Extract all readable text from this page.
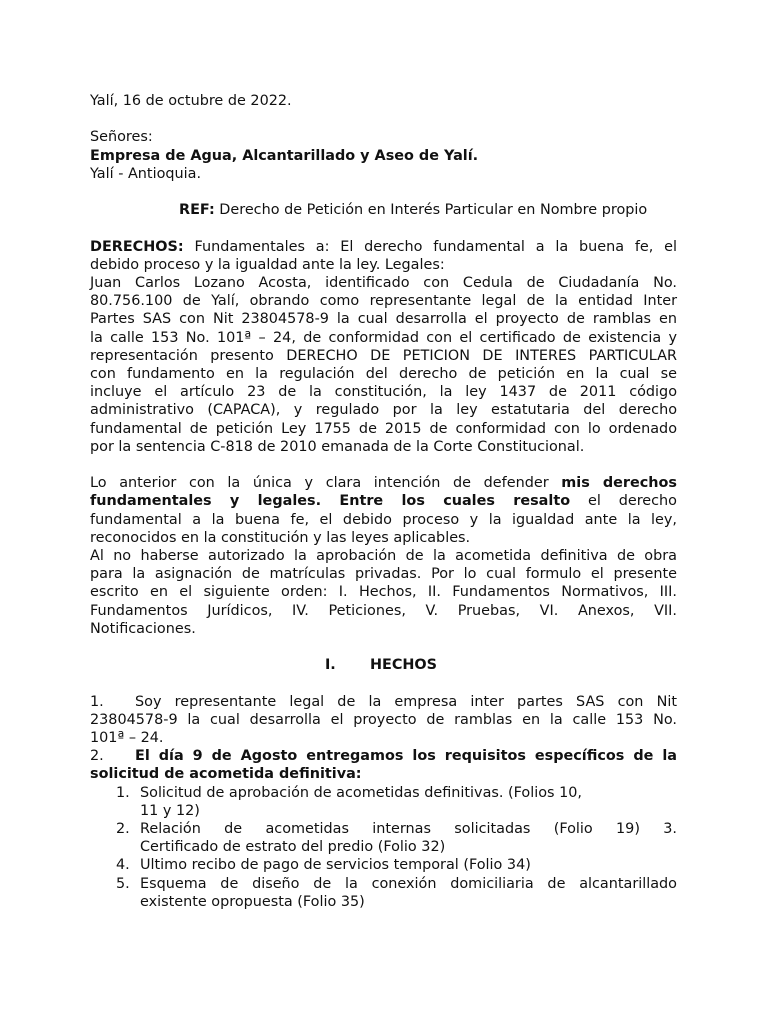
Yalí, 16 de octubre de 2022.
Señores:
Empresa de Agua, Alcantarillado y Aseo de Yalí.
Yalí - Antioquia.
REF: Derecho de Petición en Interés Particular en Nombre propio
DERECHOS: Fundamentales a: El derecho fundamental a la buena fe, el
debido proceso y la igualdad ante la ley. Legales:
Juan Carlos Lozano Acosta, identificado con Cedula de Ciudadanía No.
80.756.100 de Yalí, obrando como representante legal de la entidad Inter
Partes SAS con Nit 23804578-9 la cual desarrolla el proyecto de ramblas en
la calle 153 No. 101ª – 24, de conformidad con el certificado de existencia y
representación presento DERECHO DE PETICION DE INTERES PARTICULAR
con fundamento en la regulación del derecho de petición en la cual se
incluye el artículo 23 de la constitución, la ley 1437 de 2011 código
administrativo (CAPACA), y regulado por la ley estatutaria del derecho
fundamental de petición Ley 1755 de 2015 de conformidad con lo ordenado
por la sentencia C-818 de 2010 emanada de la Corte Constitucional.
Lo anterior con la única y clara intención de defender mis derechos
fundamentales y legales. Entre los cuales resalto el derecho
fundamental a la buena fe, el debido proceso y la igualdad ante la ley,
reconocidos en la constitución y las leyes aplicables.
Al no haberse autorizado la aprobación de la acometida definitiva de obra
para la asignación de matrículas privadas. Por lo cual formulo el presente
escrito en el siguiente orden: I. Hechos, II. Fundamentos Normativos, III.
Fundamentos Jurídicos, IV. Peticiones, V. Pruebas, VI. Anexos, VII.
Notificaciones.
I. HECHOS
1. Soy representante legal de la empresa inter partes SAS con Nit
23804578-9 la cual desarrolla el proyecto de ramblas en la calle 153 No.
101ª – 24.
2. El día 9 de Agosto entregamos los requisitos específicos de la
solicitud de acometida definitiva:
1. Solicitud de aprobación de acometidas definitivas. (Folios 10,
11 y 12)
2. Relación de acometidas internas solicitadas (Folio 19) 3.
Certificado de estrato del predio (Folio 32)
4. Ultimo recibo de pago de servicios temporal (Folio 34)
5. Esquema de diseño de la conexión domiciliaria de alcantarillado
existente opropuesta (Folio 35)
